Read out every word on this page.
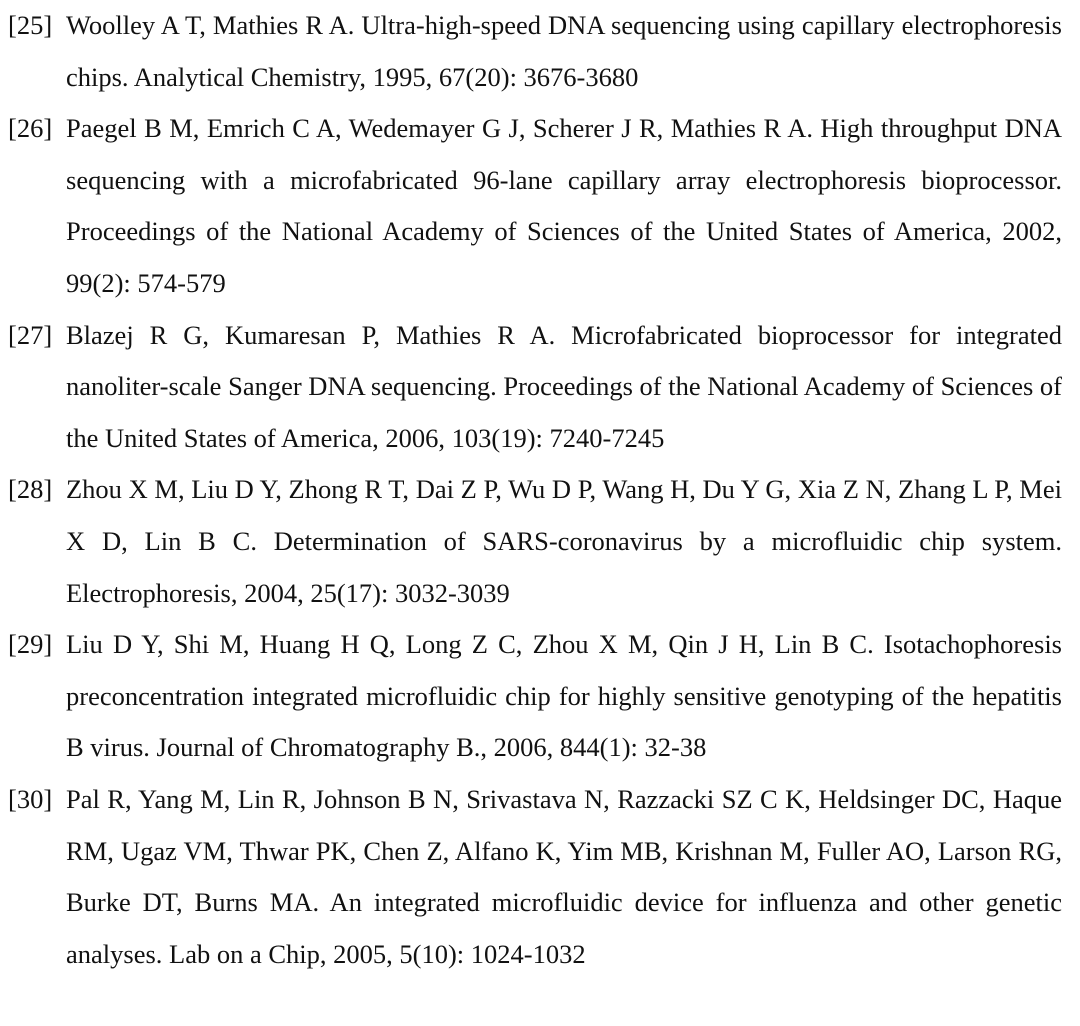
[25] Woolley A T, Mathies R A. Ultra-high-speed DNA sequencing using capillary electrophoresis chips. Analytical Chemistry, 1995, 67(20): 3676-3680
[26] Paegel B M, Emrich C A, Wedemayer G J, Scherer J R, Mathies R A. High throughput DNA sequencing with a microfabricated 96-lane capillary array electrophoresis bioprocessor. Proceedings of the National Academy of Sciences of the United States of America, 2002, 99(2): 574-579
[27] Blazej R G, Kumaresan P, Mathies R A. Microfabricated bioprocessor for integrated nanoliter-scale Sanger DNA sequencing. Proceedings of the National Academy of Sciences of the United States of America, 2006, 103(19): 7240-7245
[28] Zhou X M, Liu D Y, Zhong R T, Dai Z P, Wu D P, Wang H, Du Y G, Xia Z N, Zhang L P, Mei X D, Lin B C. Determination of SARS-coronavirus by a microfluidic chip system. Electrophoresis, 2004, 25(17): 3032-3039
[29] Liu D Y, Shi M, Huang H Q, Long Z C, Zhou X M, Qin J H, Lin B C. Isotachophoresis preconcentration integrated microfluidic chip for highly sensitive genotyping of the hepatitis B virus. Journal of Chromatography B., 2006, 844(1): 32-38
[30] Pal R, Yang M, Lin R, Johnson B N, Srivastava N, Razzacki SZ C K, Heldsinger DC, Haque RM, Ugaz VM, Thwar PK, Chen Z, Alfano K, Yim MB, Krishnan M, Fuller AO, Larson RG, Burke DT, Burns MA. An integrated microfluidic device for influenza and other genetic analyses. Lab on a Chip, 2005, 5(10): 1024-1032
